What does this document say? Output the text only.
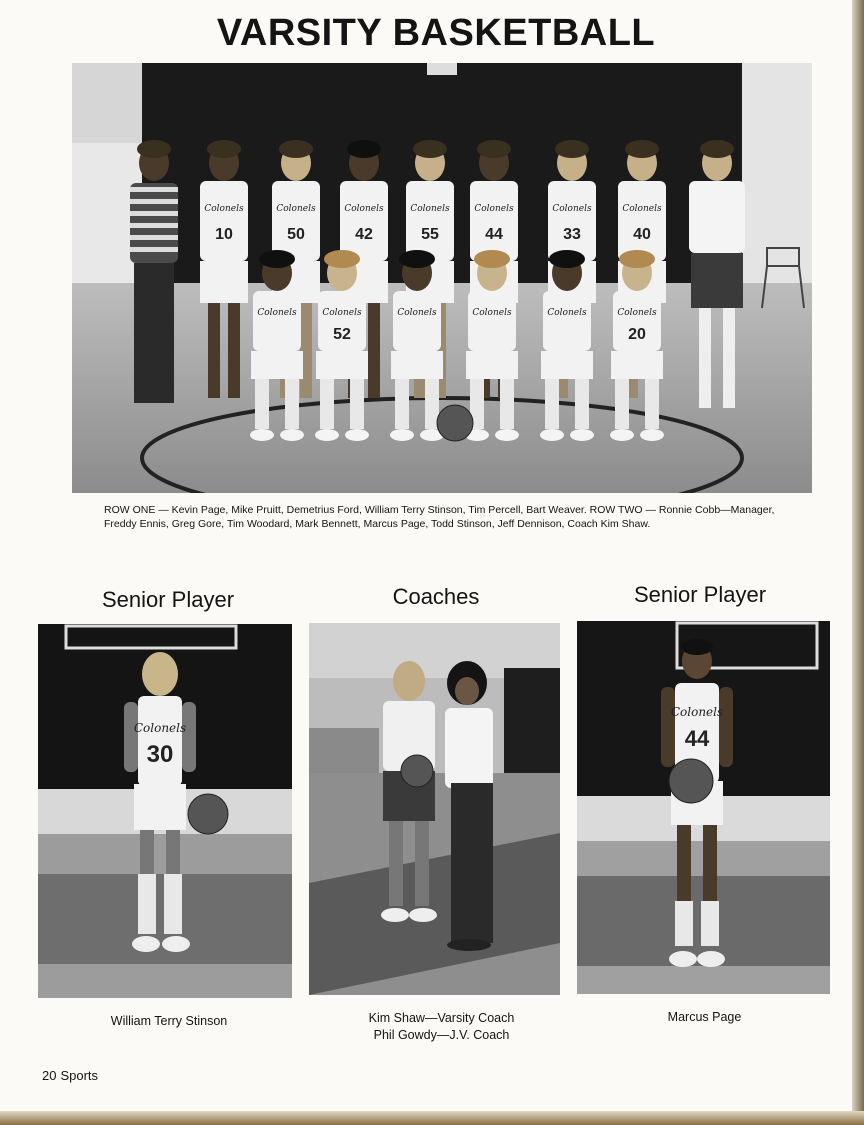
VARSITY BASKETBALL
Colonels
10
Colonels
50
Colonels
42
Colonels
55
Colonels
44
Colonels
33
Colonels
40
Colonels	Colonels
52
Colonels	Colonels	Colonels	Colonels
20

ROW ONE — Kevin Page, Mike Pruitt, Demetrius Ford, William Terry Stinson, Tim Percell, Bart Weaver. ROW TWO — Ronnie Cobb—Manager, Freddy Ennis, Greg Gore, Tim Woodard, Mark Bennett, Marcus Page, Todd Stinson, Jeff Dennison, Coach Kim Shaw.

Senior Player	Coaches	Senior Player
Colonels
30
Colonels
44

William Terry Stinson	Kim Shaw—Varsity Coach
Phil Gowdy—J.V. Coach

Marcus Page

20 Sports
